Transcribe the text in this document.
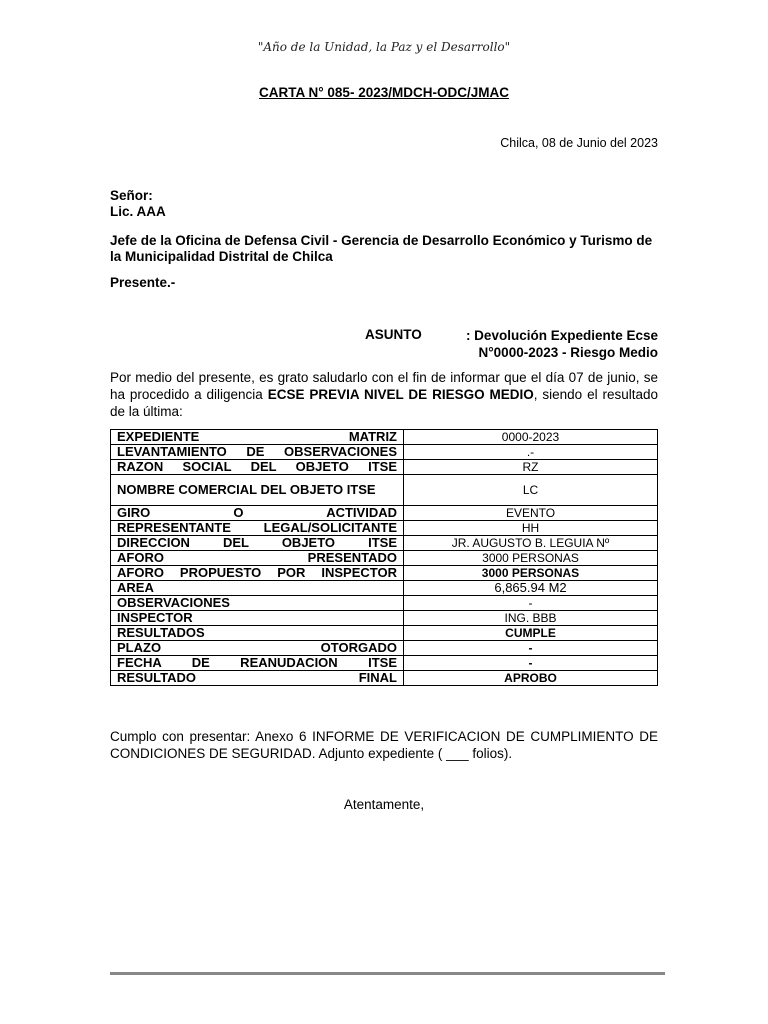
"Año de la Unidad, la Paz y el Desarrollo"
CARTA N° 085- 2023/MDCH-ODC/JMAC
Chilca, 08 de Junio del 2023
Señor:
Lic. AAA
Jefe de la Oficina de Defensa Civil - Gerencia de Desarrollo Económico y Turismo de la Municipalidad Distrital de Chilca
Presente.-
ASUNTO	: Devolución Expediente Ecse
N°0000-2023 - Riesgo Medio
Por medio del presente, es grato saludarlo con el fin de informar que el día 07 de junio, se ha procedido a diligencia ECSE PREVIA NIVEL DE RIESGO MEDIO, siendo el resultado de la última:
EXPEDIENTE MATRIZ	0000-2023
LEVANTAMIENTO DE OBSERVACIONES	.-
RAZON SOCIAL DEL OBJETO ITSE	RZ
NOMBRE COMERCIAL DEL OBJETO ITSE	LC
GIRO O ACTIVIDAD	EVENTO
REPRESENTANTE LEGAL/SOLICITANTE	HH
DIRECCION DEL OBJETO ITSE	JR. AUGUSTO B. LEGUIA Nº
AFORO PRESENTADO	3000 PERSONAS
AFORO PROPUESTO POR INSPECTOR	3000 PERSONAS
AREA	6,865.94 M2
OBSERVACIONES	-
INSPECTOR	ING. BBB
RESULTADOS	CUMPLE
PLAZO OTORGADO	-
FECHA DE REANUDACION ITSE	-
RESULTADO FINAL	APROBO
Cumplo con presentar: Anexo 6 INFORME DE VERIFICACION DE CUMPLIMIENTO DE CONDICIONES DE SEGURIDAD. Adjunto expediente ( ___ folios).
Atentamente,
